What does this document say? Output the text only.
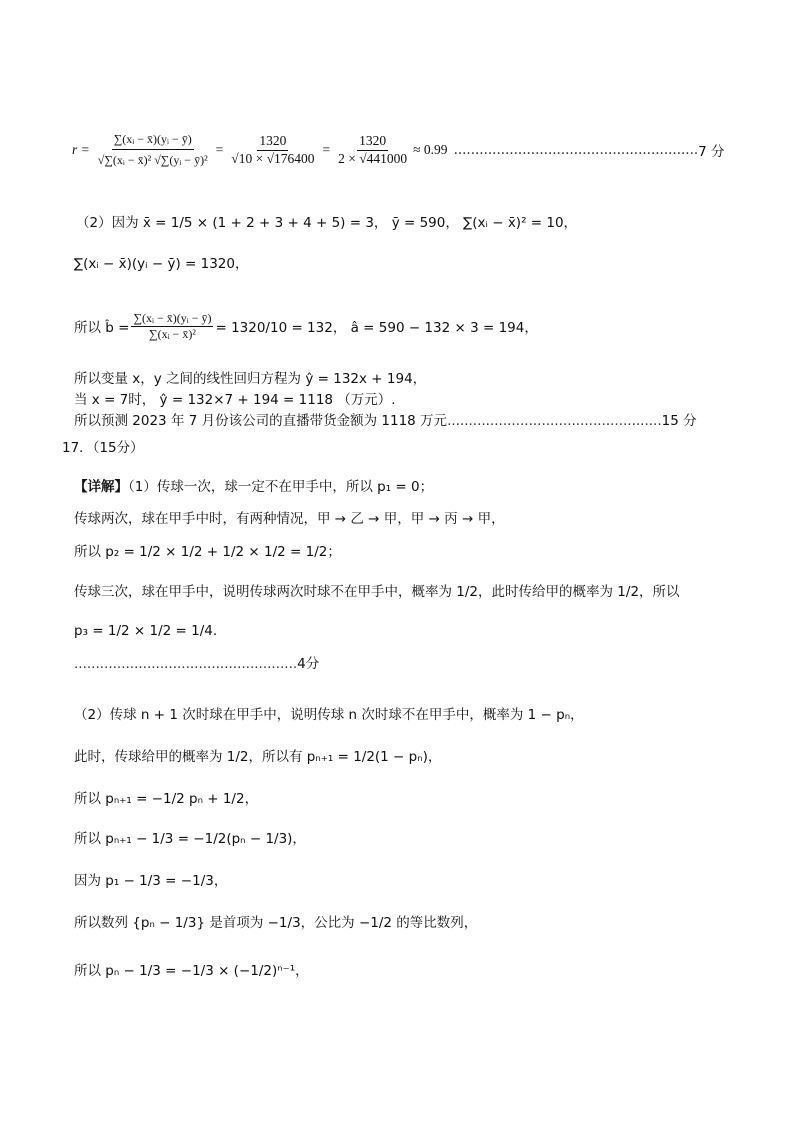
$r = \frac{\text{∑(xᵢ − x̄)(yᵢ − ȳ)}}{\text{√∑(xᵢ − x̄)² √∑(yᵢ − ȳ)²}} = \frac{1320}{√10 \times √176400} = \frac{1320}{2 \times √441000} \approx 0.99$ ......................................................... 7 分
（2）因为 x̄ = 1/5 × (1 + 2 + 3 + 4 + 5) = 3， ȳ = 590， ∑(xᵢ − x̄)² = 10，
∑(xᵢ − x̄)(yᵢ − ȳ) = 1320，
所以 b̂ = $\frac{\text{∑(xᵢ − x̄)(yᵢ − ȳ)}}{\text{∑(xᵢ − x̄)²}} = 1320/10 = 132$， â = 590 − 132 × 3 = 194，
所以变量 x，y 之间的线性回归方程为 ŷ = 132x + 194，
当 x = 7时， ŷ = 132×7 + 194 = 1118 （万元）.
所以预测 2023 年 7 月份该公司的直播带货金额为 1118 万元..................................................15 分
17．（15分）
【详解】（1）传球一次，球一定不在甲手中，所以 p₁ = 0；
传球两次，球在甲手中时，有两种情况，甲 → 乙 → 甲，甲 → 丙 → 甲，
所以 p₂ = 1/2 × 1/2 + 1/2 × 1/2 = 1/2；
传球三次，球在甲手中，说明传球两次时球不在甲手中，概率为 1/2，此时传给甲的概率为 1/2，所以
p₃ = 1/2 × 1/2 = 1/4.
....................................................4分
（2）传球 n + 1 次时球在甲手中，说明传球 n 次时球不在甲手中，概率为 1 − pₙ，
此时，传球给甲的概率为 1/2，所以有 pₙ₊₁ = 1/2(1 − pₙ)，
所以 pₙ₊₁ = −1/2 pₙ + 1/2，
所以 pₙ₊₁ − 1/3 = −1/2(pₙ − 1/3)，
因为 p₁ − 1/3 = −1/3，
所以数列 {pₙ − 1/3} 是首项为 −1/3，公比为 −1/2 的等比数列，
所以 pₙ − 1/3 = −1/3 × (−1/2)ⁿ⁻¹，
